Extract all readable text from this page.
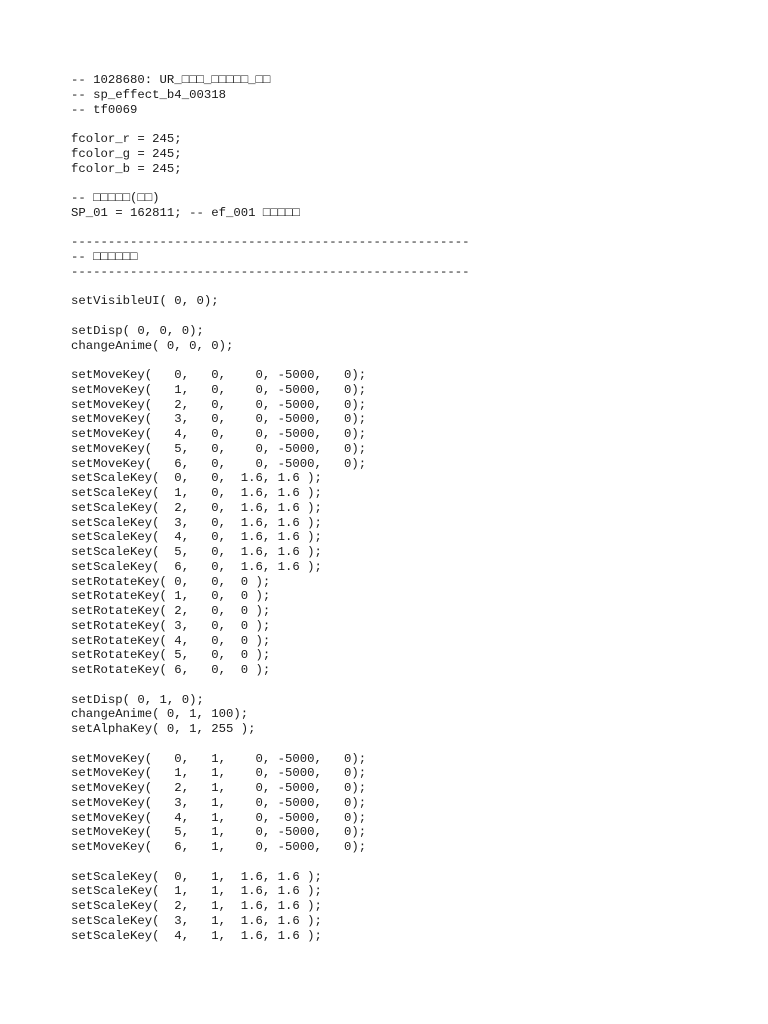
-- 1028680: UR_□□□_□□□□□_□□
-- sp_effect_b4_00318
-- tf0069
fcolor_r = 245;
fcolor_g = 245;
fcolor_b = 245;
-- □□□□□(□□)
SP_01 = 162811; -- ef_001 □□□□□
------------------------------------------------------
-- □□□□□□
------------------------------------------------------
setVisibleUI( 0, 0);
setDisp( 0, 0, 0);
changeAnime( 0, 0, 0);
setMoveKey(   0,   0,    0, -5000,   0);
setMoveKey(   1,   0,    0, -5000,   0);
setMoveKey(   2,   0,    0, -5000,   0);
setMoveKey(   3,   0,    0, -5000,   0);
setMoveKey(   4,   0,    0, -5000,   0);
setMoveKey(   5,   0,    0, -5000,   0);
setMoveKey(   6,   0,    0, -5000,   0);
setScaleKey(  0,   0,  1.6, 1.6 );
setScaleKey(  1,   0,  1.6, 1.6 );
setScaleKey(  2,   0,  1.6, 1.6 );
setScaleKey(  3,   0,  1.6, 1.6 );
setScaleKey(  4,   0,  1.6, 1.6 );
setScaleKey(  5,   0,  1.6, 1.6 );
setScaleKey(  6,   0,  1.6, 1.6 );
setRotateKey( 0,   0,  0 );
setRotateKey( 1,   0,  0 );
setRotateKey( 2,   0,  0 );
setRotateKey( 3,   0,  0 );
setRotateKey( 4,   0,  0 );
setRotateKey( 5,   0,  0 );
setRotateKey( 6,   0,  0 );
setDisp( 0, 1, 0);
changeAnime( 0, 1, 100);
setAlphaKey( 0, 1, 255 );
setMoveKey(   0,   1,    0, -5000,   0);
setMoveKey(   1,   1,    0, -5000,   0);
setMoveKey(   2,   1,    0, -5000,   0);
setMoveKey(   3,   1,    0, -5000,   0);
setMoveKey(   4,   1,    0, -5000,   0);
setMoveKey(   5,   1,    0, -5000,   0);
setMoveKey(   6,   1,    0, -5000,   0);
setScaleKey(  0,   1,  1.6, 1.6 );
setScaleKey(  1,   1,  1.6, 1.6 );
setScaleKey(  2,   1,  1.6, 1.6 );
setScaleKey(  3,   1,  1.6, 1.6 );
setScaleKey(  4,   1,  1.6, 1.6 );
